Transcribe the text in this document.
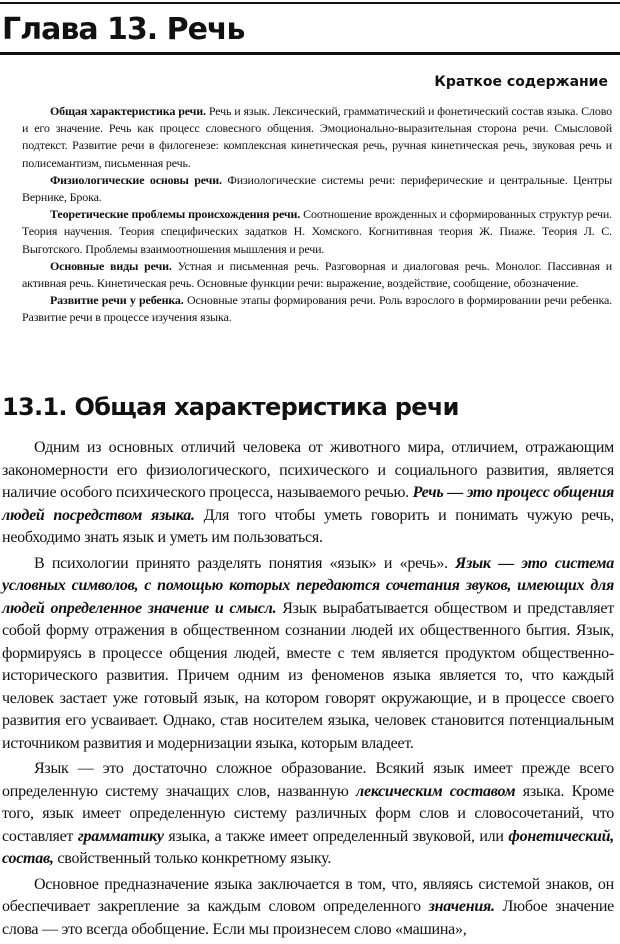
Глава 13. Речь
Краткое содержание

Общая характеристика речи. Речь и язык. Лексический, грамматический и фонетический состав языка. Слово и его значение. Речь как процесс словесного общения. Эмоционально-выразительная сторона речи. Смысловой подтекст. Развитие речи в филогенезе: комплексная кинетическая речь, ручная кинетическая речь, звуковая речь и полисемантизм, письменная речь.

Физиологические основы речи. Физиологические системы речи: периферические и центральные. Центры Вернике, Брока.

Теоретические проблемы происхождения речи. Соотношение врожденных и сформированных структур речи. Теория научения. Теория специфических задатков Н. Хомского. Когнитивная теория Ж. Пиаже. Теория Л. С. Выготского. Проблемы взаимоотношения мышления и речи.

Основные виды речи. Устная и письменная речь. Разговорная и диалоговая речь. Монолог. Пассивная и активная речь. Кинетическая речь. Основные функции речи: выражение, воздействие, сообщение, обозначение.

Развитие речи у ребенка. Основные этапы формирования речи. Роль взрослого в формировании речи ребенка. Развитие речи в процессе изучения языка.

13.1. Общая характеристика речи

Одним из основных отличий человека от животного мира, отличием, отражающим закономерности его физиологического, психического и социального развития, является наличие особого психического процесса, называемого речью. Речь — это процесс общения людей посредством языка. Для того чтобы уметь говорить и понимать чужую речь, необходимо знать язык и уметь им пользоваться.

В психологии принято разделять понятия «язык» и «речь». Язык — это система условных символов, с помощью которых передаются сочетания звуков, имеющих для людей определенное значение и смысл. Язык вырабатывается обществом и представляет собой форму отражения в общественном сознании людей их общественного бытия. Язык, формируясь в процессе общения людей, вместе с тем является продуктом общественно-исторического развития. Причем одним из феноменов языка является то, что каждый человек застает уже готовый язык, на котором говорят окружающие, и в процессе своего развития его усваивает. Однако, став носителем языка, человек становится потенциальным источником развития и модернизации языка, которым владеет.

Язык — это достаточно сложное образование. Всякий язык имеет прежде всего определенную систему значащих слов, названную лексическим составом языка. Кроме того, язык имеет определенную систему различных форм слов и словосочетаний, что составляет грамматику языка, а также имеет определенный звуковой, или фонетический, состав, свойственный только конкретному языку.

Основное предназначение языка заключается в том, что, являясь системой знаков, он обеспечивает закрепление за каждым словом определенного значения. Любое значение слова — это всегда обобщение. Если мы произнесем слово «машина»,
